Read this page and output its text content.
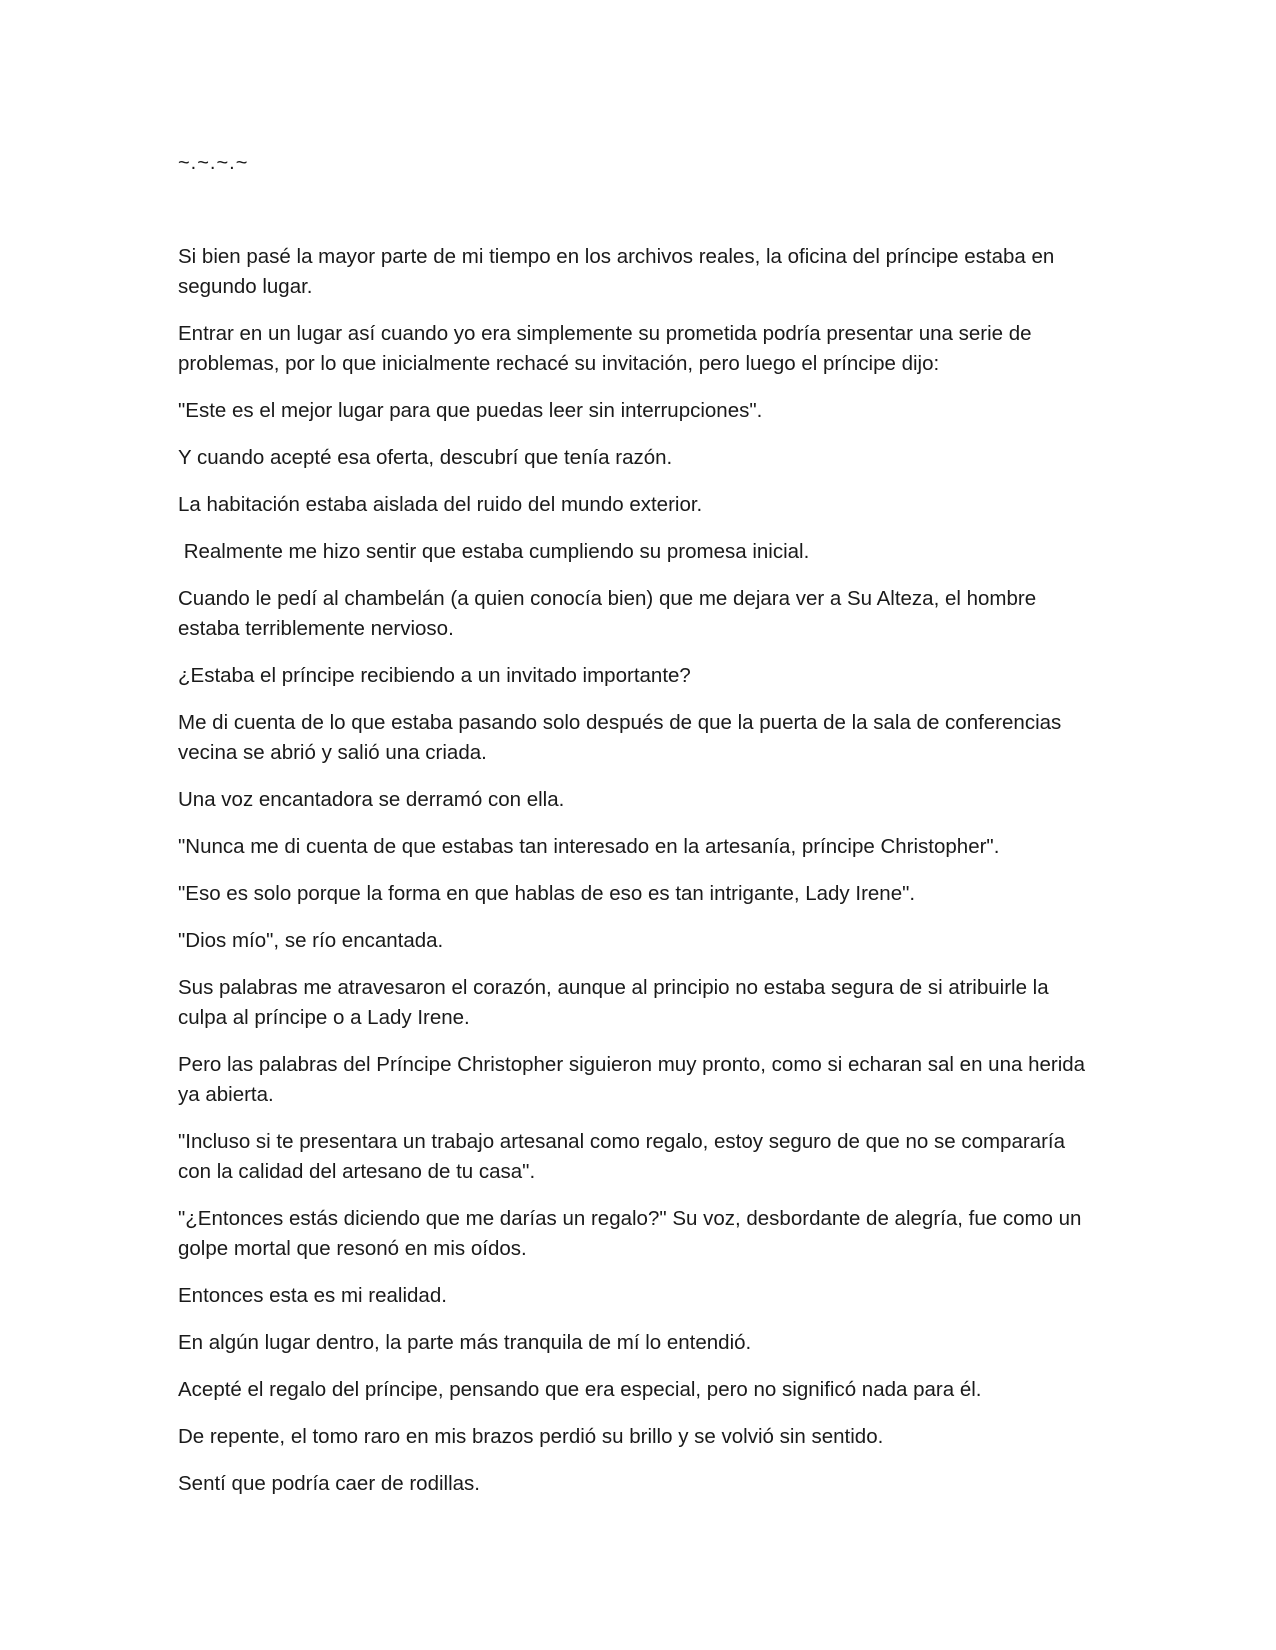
~.~.~.~

Si bien pasé la mayor parte de mi tiempo en los archivos reales, la oficina del príncipe estaba en segundo lugar.

Entrar en un lugar así cuando yo era simplemente su prometida podría presentar una serie de problemas, por lo que inicialmente rechacé su invitación, pero luego el príncipe dijo:

"Este es el mejor lugar para que puedas leer sin interrupciones".

Y cuando acepté esa oferta, descubrí que tenía razón.

La habitación estaba aislada del ruido del mundo exterior.

Realmente me hizo sentir que estaba cumpliendo su promesa inicial.

Cuando le pedí al chambelán (a quien conocía bien) que me dejara ver a Su Alteza, el hombre estaba terriblemente nervioso.

¿Estaba el príncipe recibiendo a un invitado importante?

Me di cuenta de lo que estaba pasando solo después de que la puerta de la sala de conferencias vecina se abrió y salió una criada.

Una voz encantadora se derramó con ella.

"Nunca me di cuenta de que estabas tan interesado en la artesanía, príncipe Christopher".

"Eso es solo porque la forma en que hablas de eso es tan intrigante, Lady Irene".

"Dios mío", se río encantada.

Sus palabras me atravesaron el corazón, aunque al principio no estaba segura de si atribuirle la culpa al príncipe o a Lady Irene.

Pero las palabras del Príncipe Christopher siguieron muy pronto, como si echaran sal en una herida ya abierta.

"Incluso si te presentara un trabajo artesanal como regalo, estoy seguro de que no se compararía con la calidad del artesano de tu casa".

"¿Entonces estás diciendo que me darías un regalo?" Su voz, desbordante de alegría, fue como un golpe mortal que resonó en mis oídos.

Entonces esta es mi realidad.

En algún lugar dentro, la parte más tranquila de mí lo entendió.

Acepté el regalo del príncipe, pensando que era especial, pero no significó nada para él.

De repente, el tomo raro en mis brazos perdió su brillo y se volvió sin sentido.

Sentí que podría caer de rodillas.
